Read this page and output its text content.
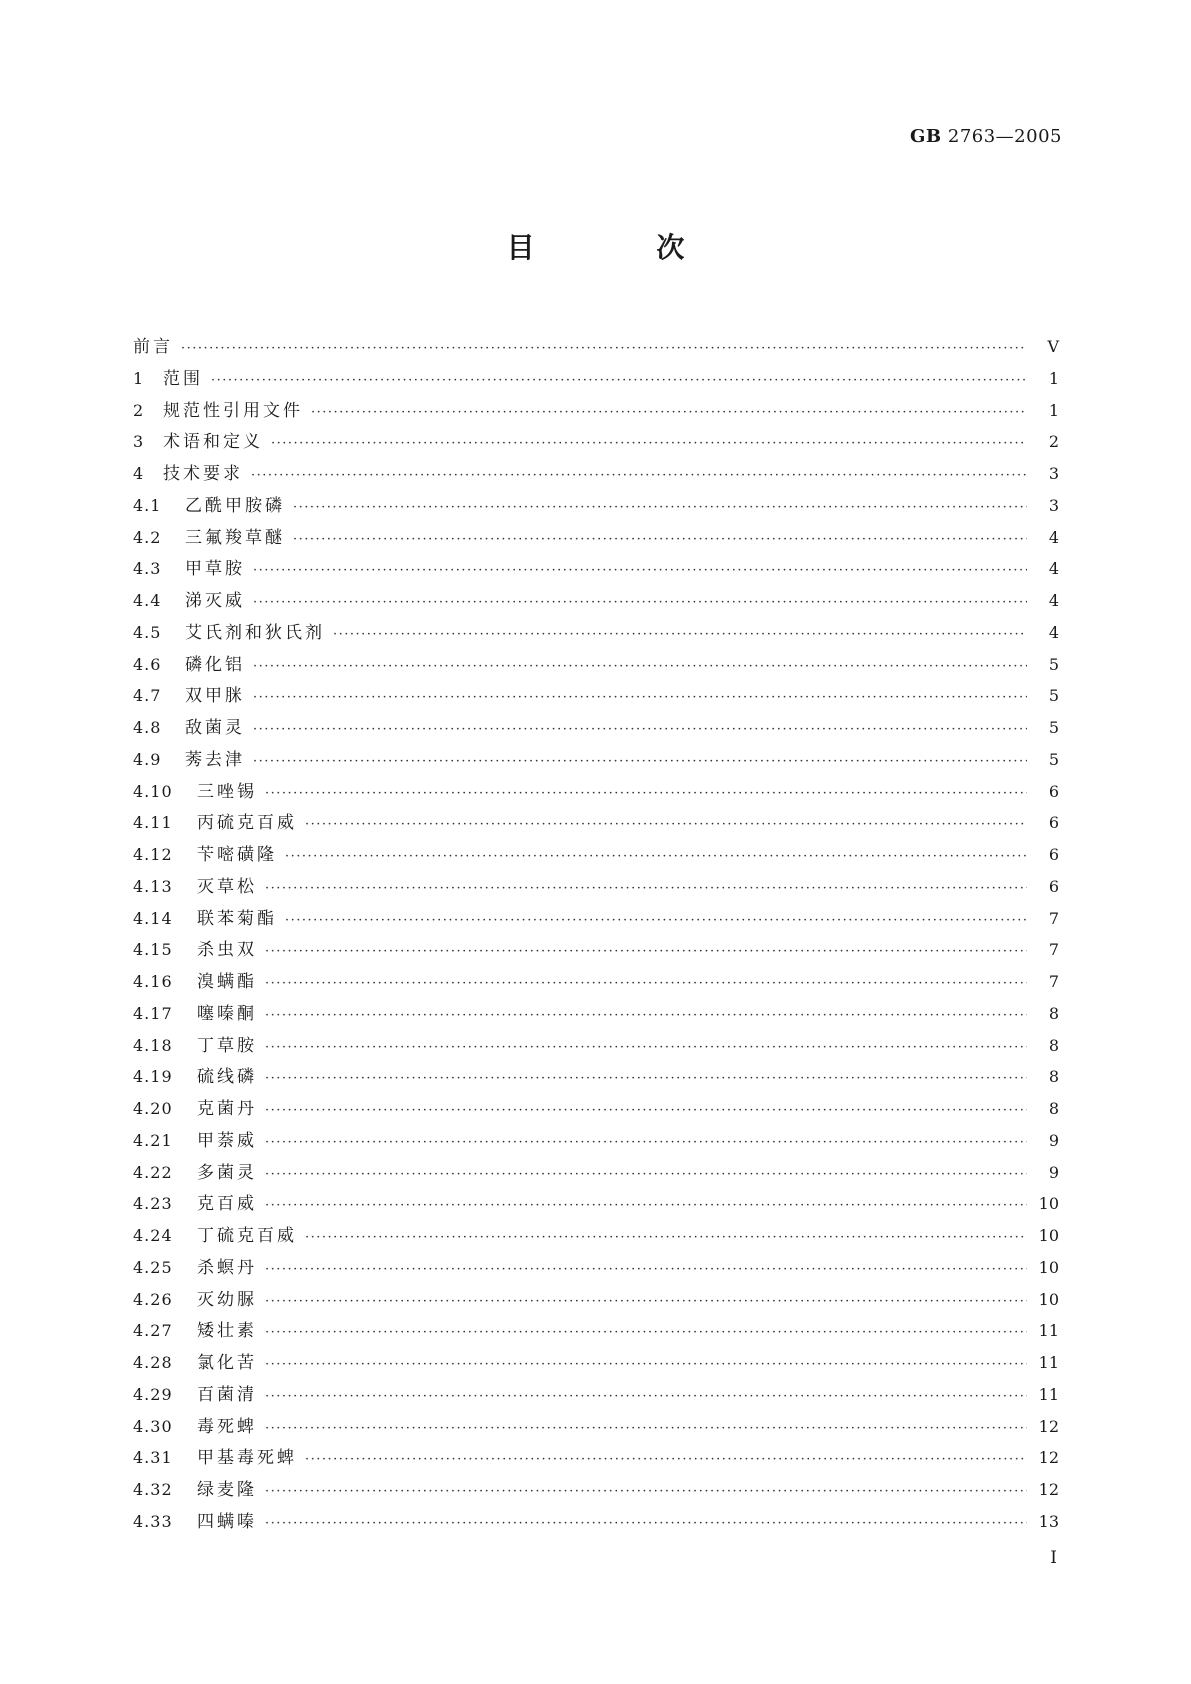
GB 2763—2005
目 次
前言 ·····	V
1	范围 ·····	1
2	规范性引用文件 ·····	1
3	术语和定义 ·····	2
4	技术要求 ·····	3
4.1	乙酰甲胺磷 ·····	3
4.2	三氟羧草醚 ·····	4
4.3	甲草胺 ·····	4
4.4	涕灭威 ·····	4
4.5	艾氏剂和狄氏剂 ·····	4
4.6	磷化铝 ·····	5
4.7	双甲脒 ·····	5
4.8	敌菌灵 ·····	5
4.9	莠去津 ·····	5
4.10	三唑锡 ·····	6
4.11	丙硫克百威 ·····	6
4.12	苄嘧磺隆 ·····	6
4.13	灭草松 ·····	6
4.14	联苯菊酯 ·····	7
4.15	杀虫双 ·····	7
4.16	溴螨酯 ·····	7
4.17	噻嗪酮 ·····	8
4.18	丁草胺 ·····	8
4.19	硫线磷 ·····	8
4.20	克菌丹 ·····	8
4.21	甲萘威 ·····	9
4.22	多菌灵 ·····	9
4.23	克百威 ·····	10
4.24	丁硫克百威 ·····	10
4.25	杀螟丹 ·····	10
4.26	灭幼脲 ·····	10
4.27	矮壮素 ·····	11
4.28	氯化苦 ·····	11
4.29	百菌清 ·····	11
4.30	毒死蜱 ·····	12
4.31	甲基毒死蜱 ·····	12
4.32	绿麦隆 ·····	12
4.33	四螨嗪 ·····	13
I
